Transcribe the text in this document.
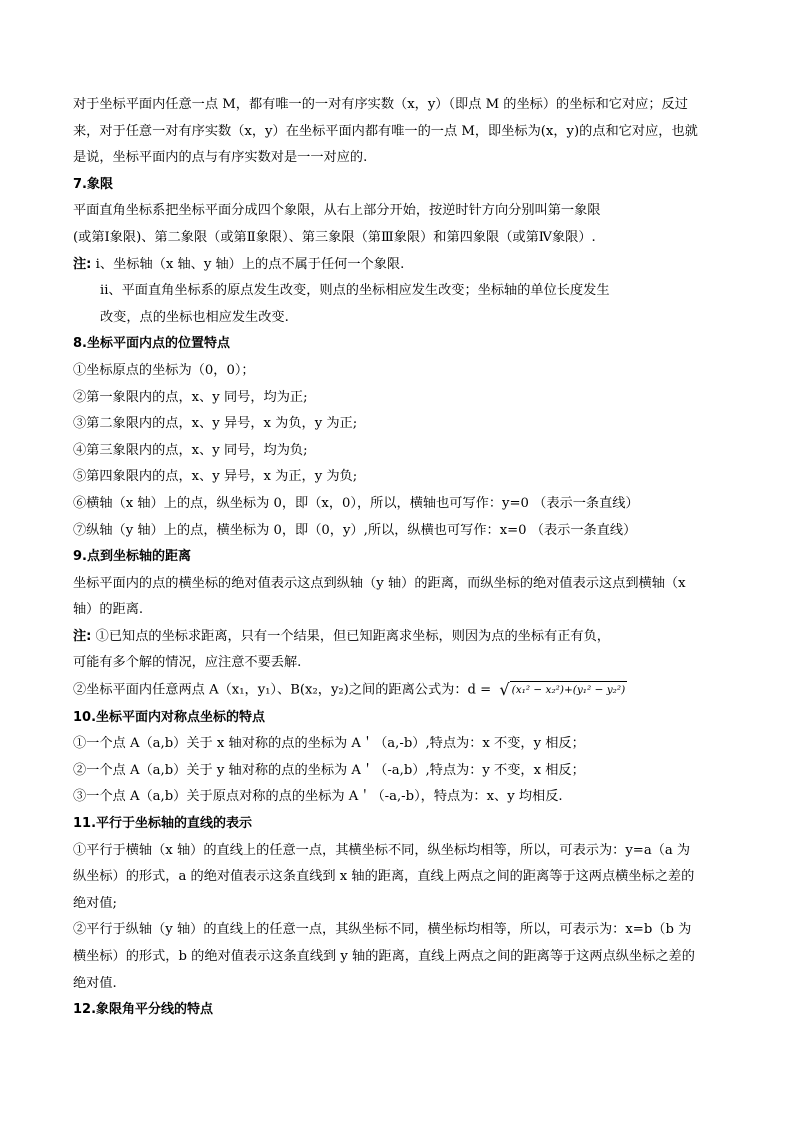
对于坐标平面内任意一点 M，都有唯一的一对有序实数（x，y）（即点 M 的坐标）的坐标和它对应；反过
来，对于任意一对有序实数（x，y）在坐标平面内都有唯一的一点 M，即坐标为(x，y)的点和它对应，也就
是说，坐标平面内的点与有序实数对是一一对应的.
7.象限
平面直角坐标系把坐标平面分成四个象限，从右上部分开始，按逆时针方向分别叫第一象限
(或第Ⅰ象限)、第二象限（或第Ⅱ象限）、第三象限（第Ⅲ象限）和第四象限（或第Ⅳ象限）.
注: i、坐标轴（x 轴、y 轴）上的点不属于任何一个象限.
ii、平面直角坐标系的原点发生改变，则点的坐标相应发生改变；坐标轴的单位长度发生
改变，点的坐标也相应发生改变.
8.坐标平面内点的位置特点
①坐标原点的坐标为（0，0）；
②第一象限内的点，x、y 同号，均为正;
③第二象限内的点，x、y 异号，x 为负，y 为正;
④第三象限内的点，x、y 同号，均为负;
⑤第四象限内的点，x、y 异号，x 为正，y 为负;
⑥横轴（x 轴）上的点，纵坐标为 0，即（x，0），所以，横轴也可写作：y=0 （表示一条直线）
⑦纵轴（y 轴）上的点，横坐标为 0，即（0，y）,所以，纵横也可写作：x=0 （表示一条直线）
9.点到坐标轴的距离
坐标平面内的点的横坐标的绝对值表示这点到纵轴（y 轴）的距离，而纵坐标的绝对值表示这点到横轴（x
轴）的距离.
注: ①已知点的坐标求距离，只有一个结果，但已知距离求坐标，则因为点的坐标有正有负，
可能有多个解的情况，应注意不要丢解.
②坐标平面内任意两点 A（x₁，y₁）、B(x₂，y₂)之间的距离公式为：d = √ (x₁² − x₂²)+(y₁² − y₂²)
10.坐标平面内对称点坐标的特点
①一个点 A（a,b）关于 x 轴对称的点的坐标为 A＇（a,-b）,特点为：x 不变，y 相反；
②一个点 A（a,b）关于 y 轴对称的点的坐标为 A＇（-a,b）,特点为：y 不变，x 相反；
③一个点 A（a,b）关于原点对称的点的坐标为 A＇（-a,-b），特点为：x、y 均相反.
11.平行于坐标轴的直线的表示
①平行于横轴（x 轴）的直线上的任意一点，其横坐标不同，纵坐标均相等，所以，可表示为：y=a（a 为
纵坐标）的形式，a 的绝对值表示这条直线到 x 轴的距离，直线上两点之间的距离等于这两点横坐标之差的
绝对值;
②平行于纵轴（y 轴）的直线上的任意一点，其纵坐标不同，横坐标均相等，所以，可表示为：x=b（b 为
横坐标）的形式，b 的绝对值表示这条直线到 y 轴的距离，直线上两点之间的距离等于这两点纵坐标之差的
绝对值.
12.象限角平分线的特点
